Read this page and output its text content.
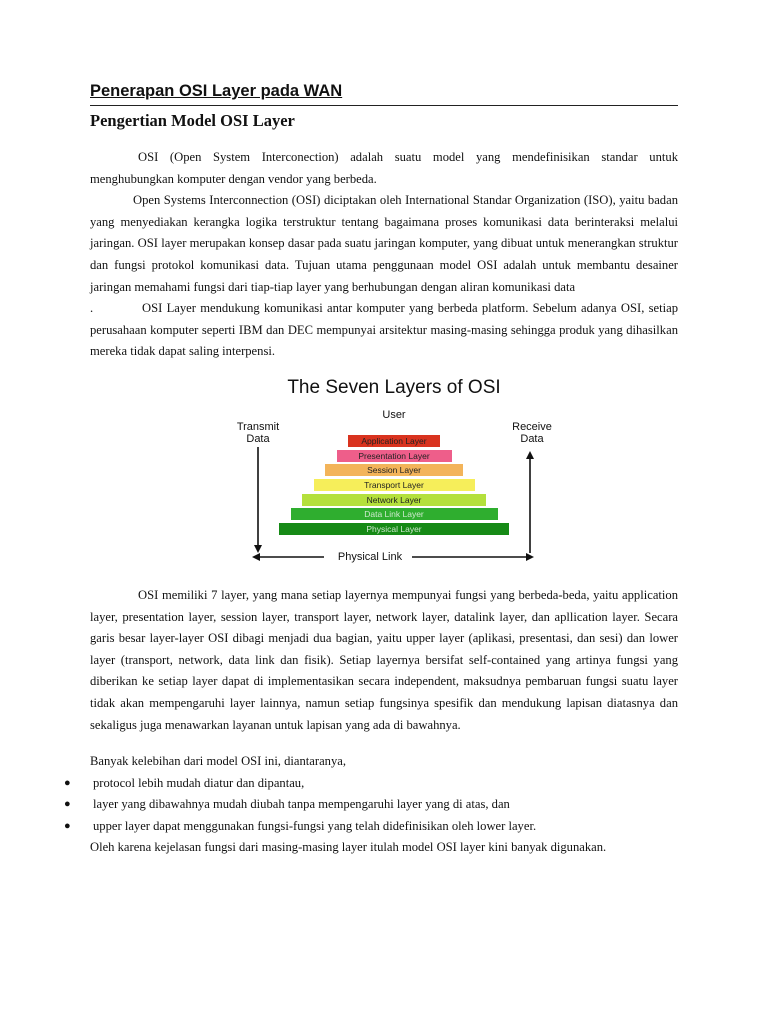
Penerapan OSI Layer pada WAN
Pengertian Model OSI Layer

OSI (Open System Interconection) adalah suatu model yang mendefinisikan standar untuk menghubungkan komputer dengan vendor yang berbeda.

Open Systems Interconnection (OSI) diciptakan oleh International Standar Organization (ISO), yaitu badan yang menyediakan kerangka logika terstruktur tentang bagaimana proses komunikasi data berinteraksi melalui jaringan. OSI layer merupakan konsep dasar pada suatu jaringan komputer, yang dibuat untuk menerangkan struktur dan fungsi protokol komunikasi data. Tujuan utama penggunaan model OSI adalah untuk membantu desainer jaringan memahami fungsi dari tiap-tiap layer yang berhubungan dengan aliran komunikasi data

.	OSI Layer mendukung komunikasi antar komputer yang berbeda platform. Sebelum adanya OSI, setiap perusahaan komputer seperti IBM dan DEC mempunyai arsitektur masing-masing sehingga produk yang dihasilkan mereka tidak dapat saling interpensi.

The Seven Layers of OSI
User
Transmit
Data
Receive
Data
Physical Link
Application Layer
Presentation Layer
Session Layer
Transport Layer
Network Layer
Data Link Layer
Physical Layer

OSI memiliki 7 layer, yang mana setiap layernya mempunyai fungsi yang berbeda-beda, yaitu application layer, presentation layer, session layer, transport layer, network layer, datalink layer, dan apllication layer. Secara garis besar layer-layer OSI dibagi menjadi dua bagian, yaitu upper layer (aplikasi, presentasi, dan sesi) dan lower layer (transport, network, data link dan fisik). Setiap layernya bersifat self-contained yang artinya fungsi yang diberikan ke setiap layer dapat di implementasikan secara independent, maksudnya pembaruan fungsi suatu layer tidak akan mempengaruhi layer lainnya, namun setiap fungsinya spesifik dan mendukung lapisan diatasnya dan sekaligus juga menawarkan layanan untuk lapisan yang ada di bawahnya.

Banyak kelebihan dari model OSI ini, diantaranya,

● protocol lebih mudah diatur dan dipantau,
● layer yang dibawahnya mudah diubah tanpa mempengaruhi layer yang di atas, dan
● upper layer dapat menggunakan fungsi-fungsi yang telah didefinisikan oleh lower layer.

Oleh karena kejelasan fungsi dari masing-masing layer itulah model OSI layer kini banyak digunakan.
